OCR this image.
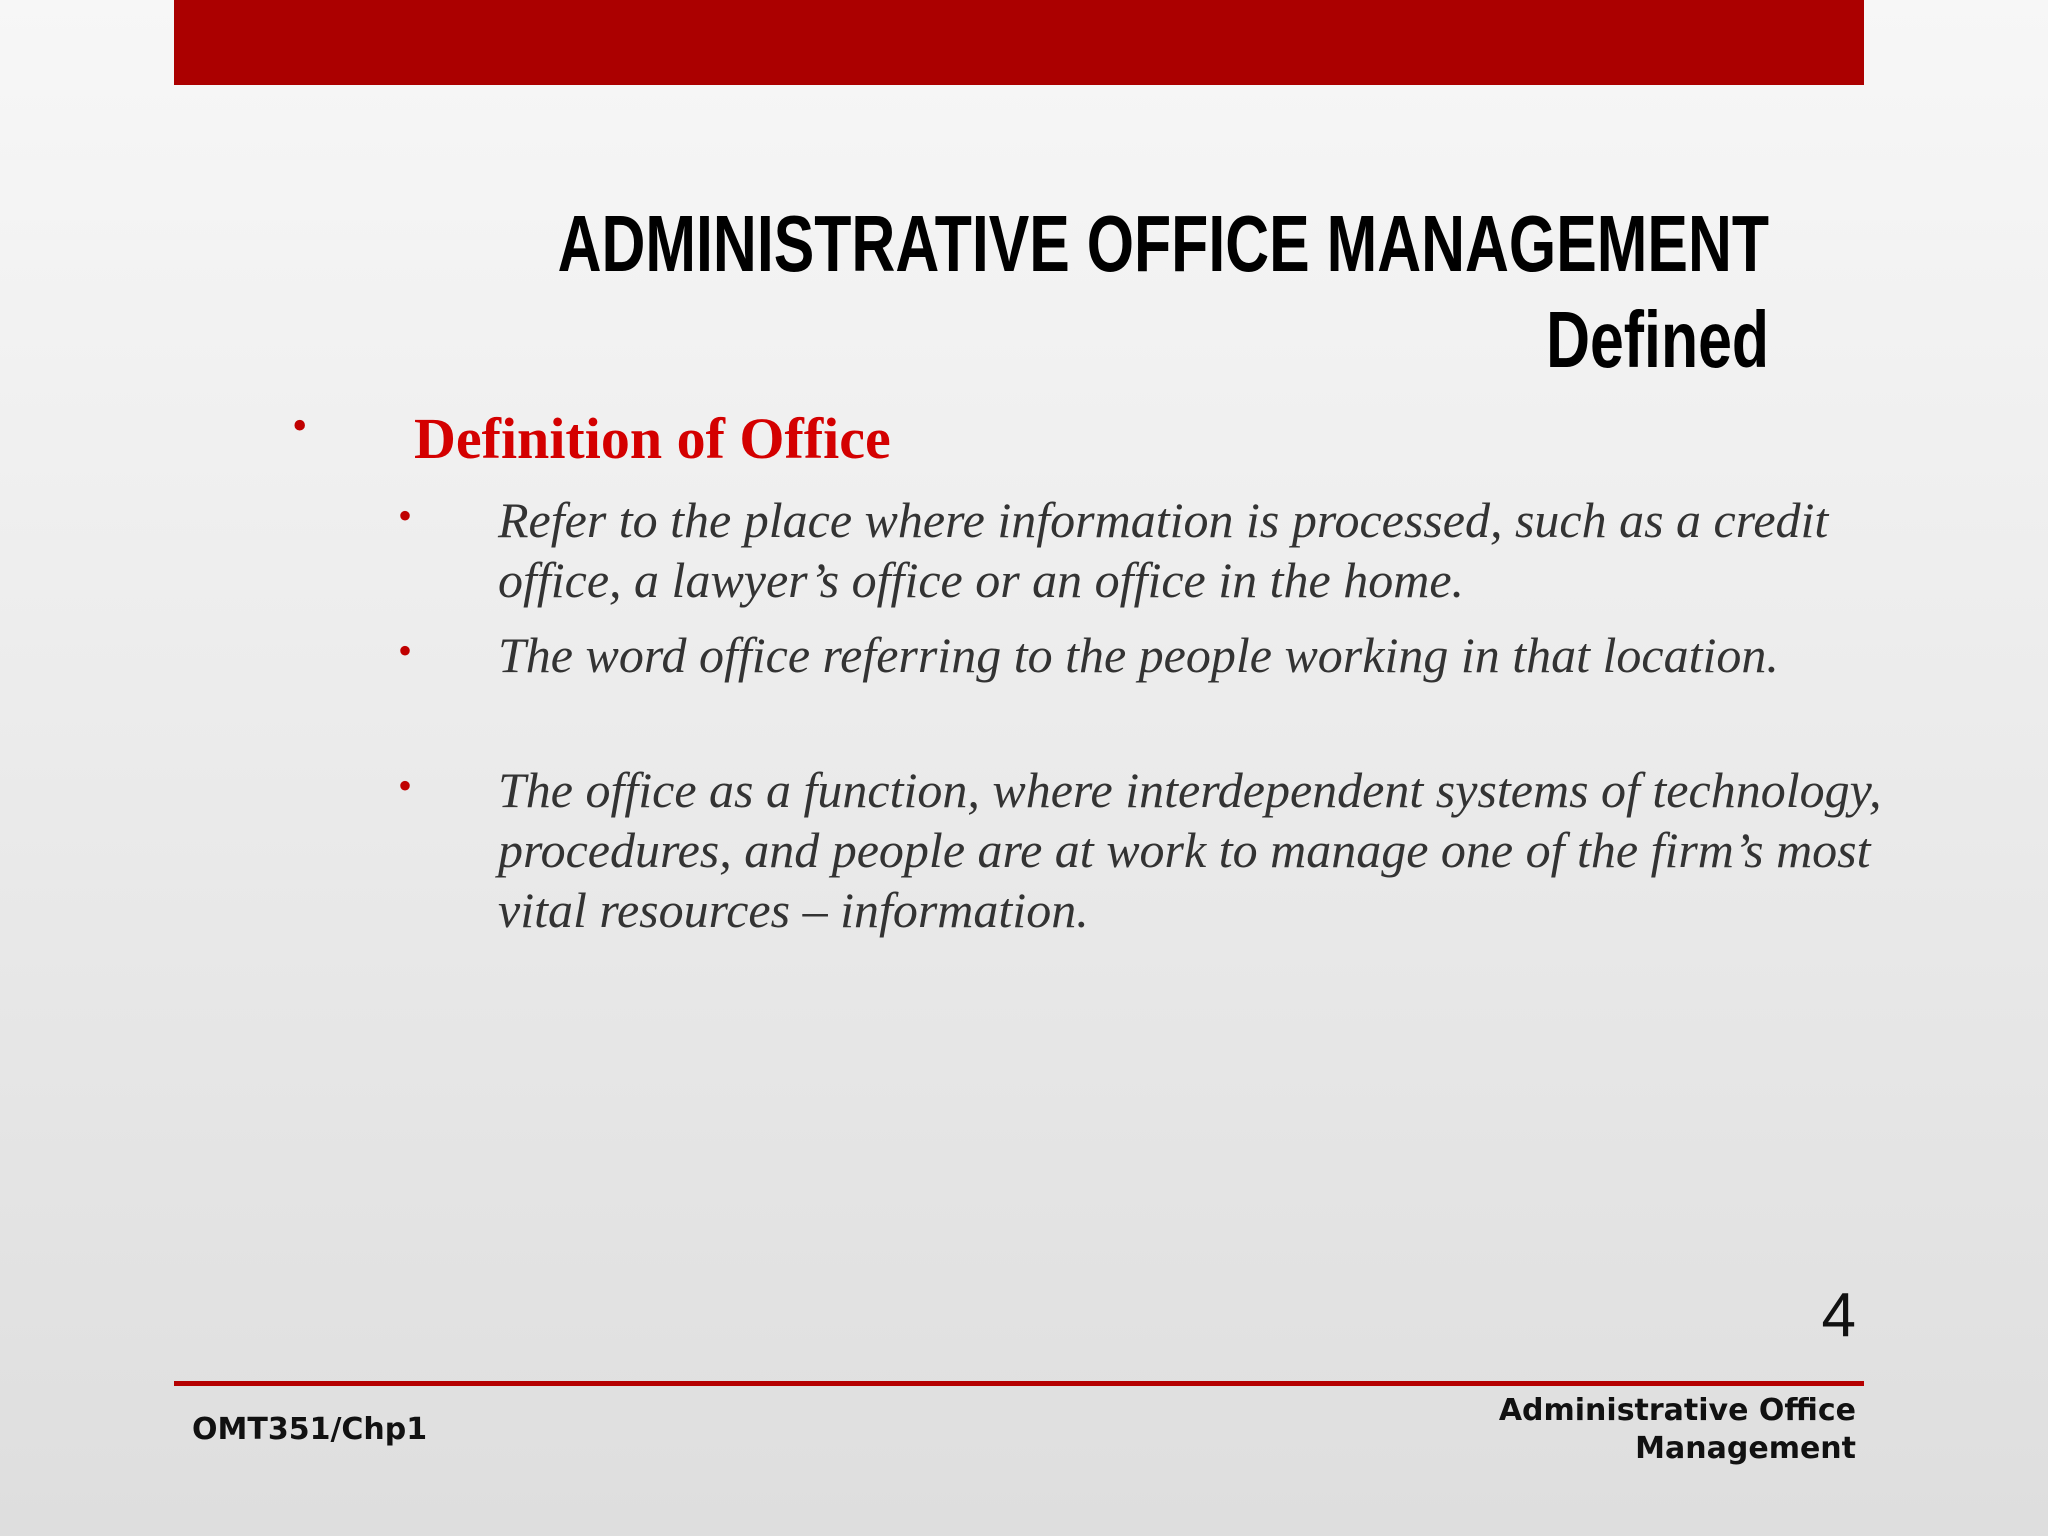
ADMINISTRATIVE OFFICE MANAGEMENT
Defined
• Definition of Office
• Refer to the place where information is processed, such as a credit office, a lawyer’s office or an office in the home.
• The word office referring to the people working in that location.
• The office as a function, where interdependent systems of technology, procedures, and people are at work to manage one of the firm’s most vital resources – information.
4
OMT351/Chp1
Administrative Office
Management
